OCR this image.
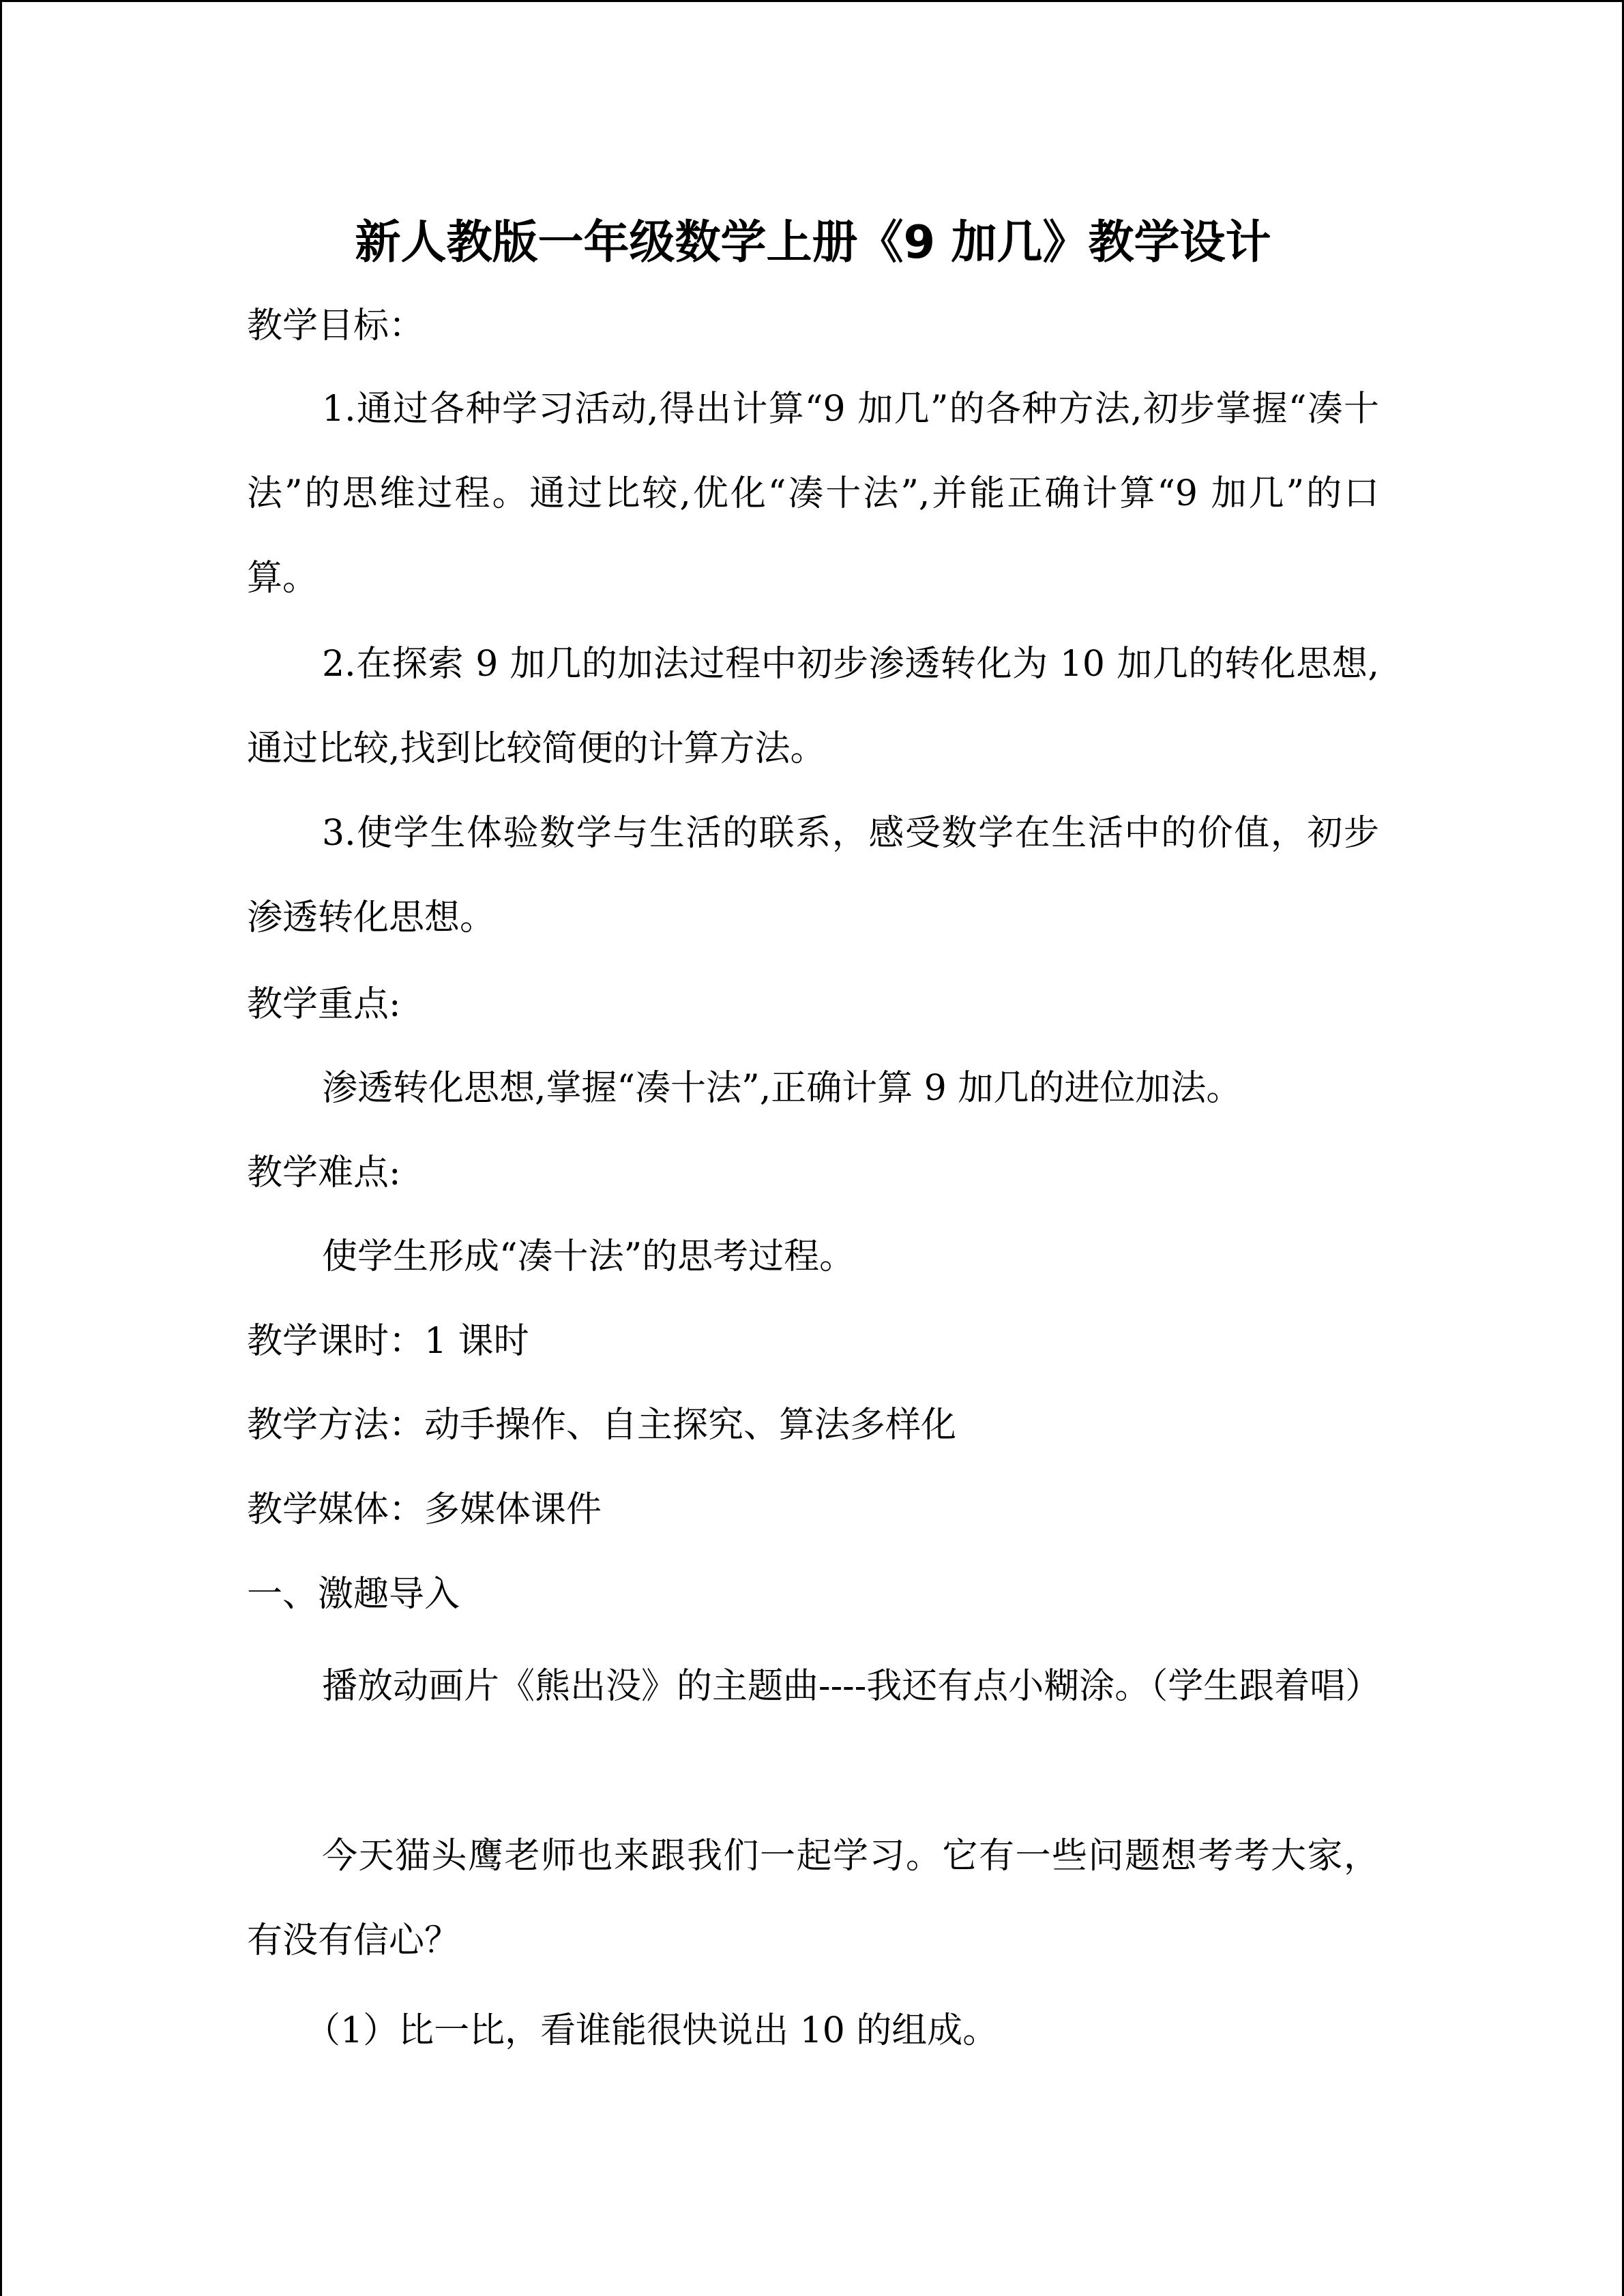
新人教版一年级数学上册《9 加几》教学设计
教学目标：
1.通过各种学习活动,得出计算“9 加几”的各种方法,初步掌握“凑十法”的思维过程。通过比较,优化“凑十法”,并能正确计算“9 加几”的口算。
2.在探索 9 加几的加法过程中初步渗透转化为 10 加几的转化思想,通过比较,找到比较简便的计算方法。
3.使学生体验数学与生活的联系，感受数学在生活中的价值，初步渗透转化思想。
教学重点:
渗透转化思想,掌握“凑十法”,正确计算 9 加几的进位加法。
教学难点:
使学生形成“凑十法”的思考过程。
教学课时：1 课时
教学方法：动手操作、自主探究、算法多样化
教学媒体：多媒体课件
一、激趣导入
播放动画片《熊出没》的主题曲----我还有点小糊涂。（学生跟着唱）
今天猫头鹰老师也来跟我们一起学习。它有一些问题想考考大家，有没有信心？
（1）比一比，看谁能很快说出 10 的组成。
